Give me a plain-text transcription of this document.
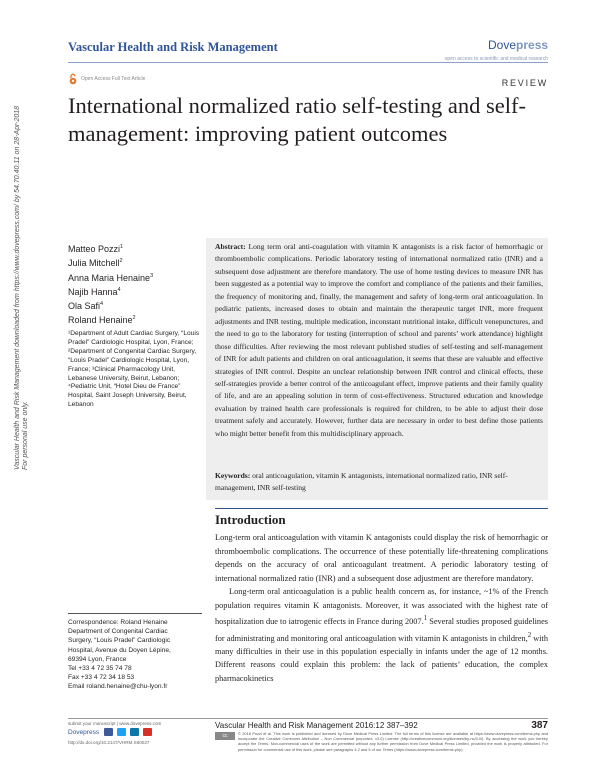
Vascular Health and Risk Management	Dovepress
open access to scientific and medical research
Open Access Full Text Article	REVIEW
International normalized ratio self-testing and self-management: improving patient outcomes
Vascular Health and Risk Management downloaded from https://www.dovepress.com/ by 54.70.40.11 on 28-Apr-2018 For personal use only.
Matteo Pozzi$^1$
Julia Mitchell$^2$
Anna Maria Henaine$^3$
Najib Hanna$^4$
Ola Safi$^4$
Roland Henaine$^2$
¹Department of Adult Cardiac Surgery, “Louis Pradel” Cardiologic Hospital, Lyon, France; ²Department of Congenital Cardiac Surgery, “Louis Pradel” Cardiologic Hospital, Lyon, France; ³Clinical Pharmacology Unit, Lebanese University, Beirut, Lebanon; ⁴Pediatric Unit, “Hotel Dieu de France” Hospital, Saint Joseph University, Beirut, Lebanon
Abstract: Long term oral anti-coagulation with vitamin K antagonists is a risk factor of hemorrhagic or thromboembolic complications. Periodic laboratory testing of international normalized ratio (INR) and a subsequent dose adjustment are therefore mandatory. The use of home testing devices to measure INR has been suggested as a potential way to improve the comfort and compliance of the patients and their families, the frequency of monitoring and, finally, the management and safety of long-term oral anticoagulation. In pediatric patients, increased doses to obtain and maintain the therapeutic target INR, more frequent adjustments and INR testing, multiple medication, inconstant nutritional intake, difficult venepunctures, and the need to go to the laboratory for testing (interruption of school and parents’ work attendance) highlight those difficulties. After reviewing the most relevant published studies of self-testing and self-management of INR for adult patients and children on oral anticoagulation, it seems that these are valuable and effective strategies of INR control. Despite an unclear relationship between INR control and clinical effects, these self-strategies provide a better control of the anticoagulant effect, improve patients and their family quality of life, and are an appealing solution in term of cost-effectiveness. Structured education and knowledge evaluation by trained health care professionals is required for children, to be able to adjust their dose treatment safely and accurately. However, further data are necessary in order to best define those patients who might better benefit from this multidisciplinary approach.
Keywords: oral anticoagulation, vitamin K antagonists, international normalized ratio, INR self-management, INR self-testing
Introduction

Long-term oral anticoagulation with vitamin K antagonists could display the risk of hemorrhagic or thromboembolic complications. The occurrence of these potentially life-threatening complications depends on the accuracy of oral anticoagulant treatment. A periodic laboratory testing of international normalized ratio (INR) and a subsequent dose adjustment are therefore mandatory.

Long-term oral anticoagulation is a public health concern as, for instance, ~1% of the French population requires vitamin K antagonists. Moreover, it was associated with the highest rate of hospitalization due to iatrogenic effects in France during 2007.$^1$ Several studies proposed guidelines for administrating and monitoring oral anticoagulation with vitamin K antagonists in children,$^2$ with many difficulties in their use in this population especially in infants under the age of 12 months. Different reasons could explain this problem: the lack of patients’ education, the complex pharmacokinetics

Correspondence: Roland Henaine
Department of Congenital Cardiac
Surgery, “Louis Pradel” Cardiologic
Hospital, Avenue du Doyen Lépine,
69394 Lyon, France
Tel +33 4 72 35 74 78
Fax +33 4 72 34 18 53
Email roland.henaine@chu-lyon.fr
submit your manuscript | www.dovepress.com
Dovepress
http://dx.doi.org/10.2147/VHRM.S60027
Vascular Health and Risk Management 2016:12 387–392	387
cc	© 2016 Pozzi et al. This work is published and licensed by Dove Medical Press Limited. The full terms of this license are available at https://www.dovepress.com/terms.php and incorporate the Creative Commons Attribution – Non Commercial (unported, v3.0) License (http://creativecommons.org/licenses/by-nc/3.0/). By accessing the work you hereby accept the Terms. Non-commercial uses of the work are permitted without any further permission from Dove Medical Press Limited, provided the work is properly attributed. For permission for commercial use of this work, please see paragraphs 4.2 and 5 of our Terms (https://www.dovepress.com/terms.php).
